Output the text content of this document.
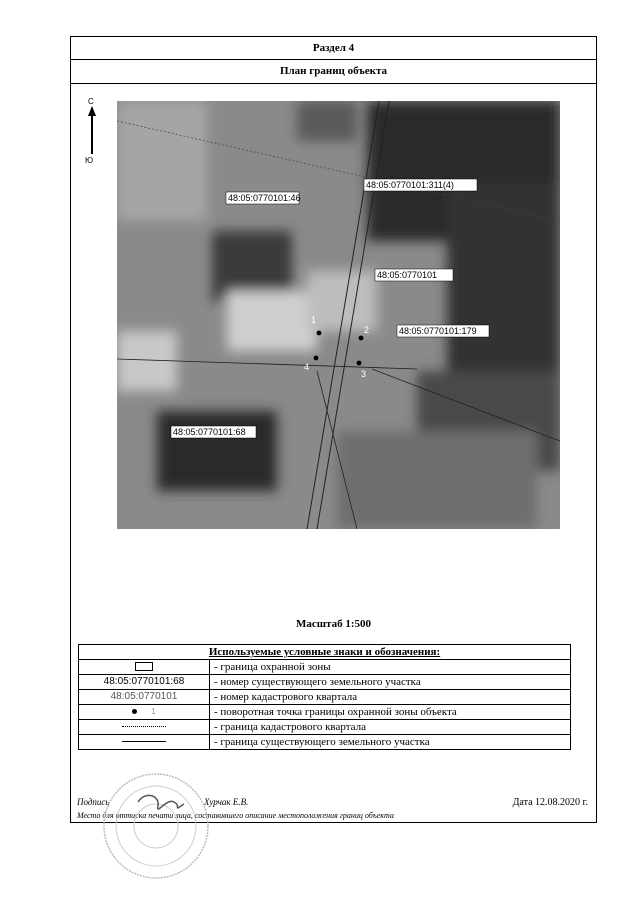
Раздел 4
План границ объекта
С
Ю
1
2
3
4
48:05:0770101:46
48:05:0770101:311(4)
48:05:0770101
48:05:0770101:179
48:05:0770101:68
Масштаб 1:500
Используемые условные знаки и обозначения:	
	- граница охранной зоны
48:05:0770101:68	- номер существующего земельного участка
48:05:0770101	- номер кадастрового квартала
1	- поворотная точка границы охранной зоны объекта
	- граница кадастрового квартала
	- граница существующего земельного участка
Подпись	Хурчак Е.В.	Дата 12.08.2020 г.
Место для оттиска печати лица, составившего описание местоположения границ объекта
